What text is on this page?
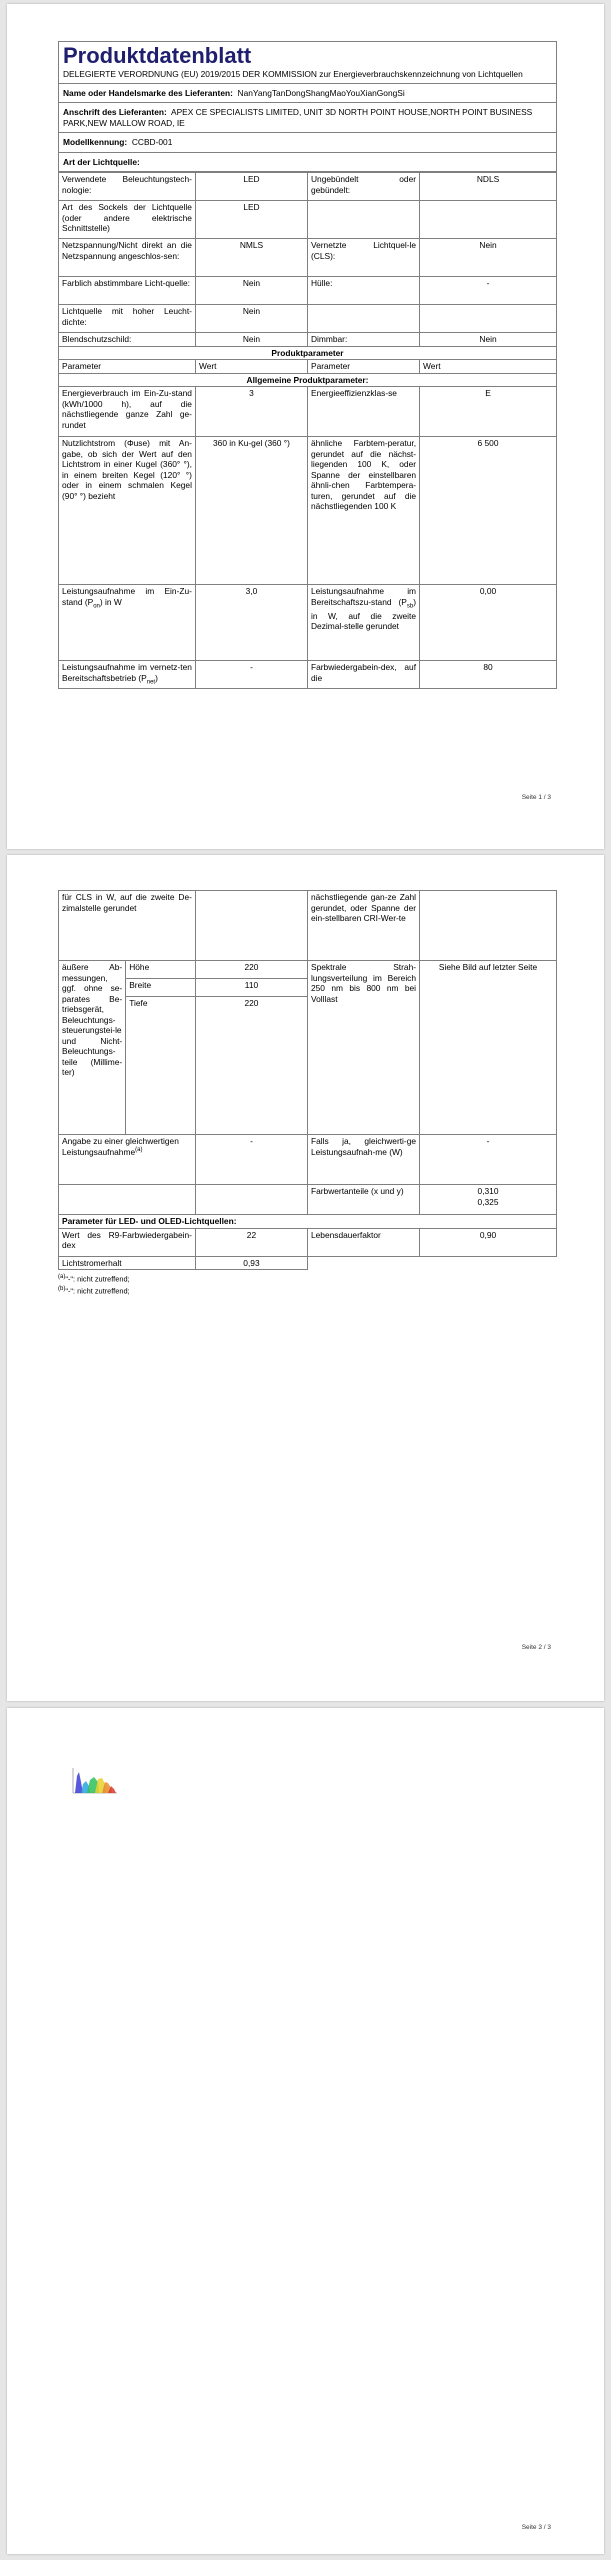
Produktdatenblatt
DELEGIERTE VERORDNUNG (EU) 2019/2015 DER KOMMISSION zur Energieverbrauchskennzeichnung von Lichtquellen
Name oder Handelsmarke des Lieferanten: NanYangTanDongShangMaoYouXianGongSi
Anschrift des Lieferanten: APEX CE SPECIALISTS LIMITED, UNIT 3D NORTH POINT HOUSE,NORTH POINT BUSINESS PARK,NEW MALLOW ROAD, IE
Modellkennung: CCBD-001
Art der Lichtquelle:
Verwendete Beleuchtungstech-nologie:	LED	Ungebündelt oder gebündelt:	NDLS
Art des Sockels der Lichtquelle (oder andere elektrische Schnittstelle)	LED		
Netzspannung/Nicht direkt an die Netzspannung angeschlos-sen:	NMLS	Vernetzte Lichtquel-le (CLS):	Nein
Farblich abstimmbare Licht-quelle:	Nein	Hülle:	-
Lichtquelle mit hoher Leucht-dichte:	Nein		
Blendschutzschild:	Nein	Dimmbar:	Nein
Produktparameter			
Parameter	Wert	Parameter	Wert
Allgemeine Produktparameter:			
Energieverbrauch im Ein-Zu-stand (kWh/1000 h), auf die nächstliegende ganze Zahl ge-rundet	3	Energieeffizienzklas-se	E
Nutzlichtstrom (Φuse) mit An-gabe, ob sich der Wert auf den Lichtstrom in einer Kugel (360° °), in einem breiten Kegel (120° °) oder in einem schmalen Kegel (90° °) bezieht	360 in Ku-gel (360 °)	ähnliche Farbtem-peratur, gerundet auf die nächst-liegenden 100 K, oder Spanne der einstellbaren ähnli-chen Farbtempera-turen, gerundet auf die nächstliegenden 100 K	6 500
Leistungsaufnahme im Ein-Zu-stand $(P_{on})$ in W	3,0	Leistungsaufnahme im Bereitschaftszu-stand $(P_{sb})$ in W, auf die zweite Dezimal-stelle gerundet	0,00
Leistungsaufnahme im vernetz-ten Bereitschaftsbetrieb $(P_{net})$	-	Farbwiedergabein-dex, auf die	80
Seite 1 / 3
für CLS in W, auf die zweite De-zimalstelle gerundet			nächstliegende gan-ze Zahl gerundet, oder Spanne der ein-stellbaren CRI-Wer-te	
äußere Ab-messungen, ggf. ohne se-parates Be-triebsgerät, Beleuchtungs-steuerungstei-le und Nicht-Beleuchtungs-teile (Millime-ter)	Höhe	220	Spektrale Strah-lungsverteilung im Bereich 250 nm bis 800 nm bei Volllast	Siehe Bild auf letzter Seite
	Breite	110		
	Tiefe	220		
Angabe zu einer gleichwertigen Leistungsaufnahme$^{(a)}$		-	Falls ja, gleichwerti-ge Leistungsaufnah-me (W)	-
			Farbwertanteile (x und y)	0,310
0,325

Parameter für LED- und OLED-Lichtquellen:				
Wert des R9-Farbwiedergabein-dex		22	Lebensdauerfaktor	0,90
Lichtstromerhalt		0,93		
$^{(a)}$"-": nicht zutreffend;
$^{(b)}$"-": nicht zutreffend;
Seite 2 / 3
Seite 3 / 3
